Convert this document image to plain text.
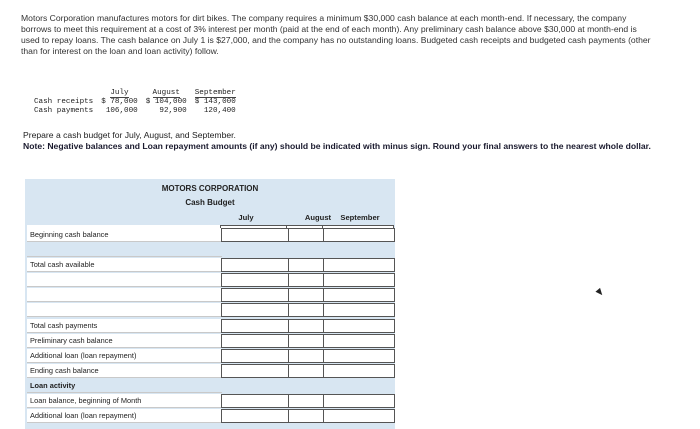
Motors Corporation manufactures motors for dirt bikes. The company requires a minimum $30,000 cash balance at each month-end. If necessary, the company borrows to meet this requirement at a cost of 3% interest per month (paid at the end of each month). Any preliminary cash balance above $30,000 at month-end is used to repay loans. The cash balance on July 1 is $27,000, and the company has no outstanding loans. Budgeted cash receipts and budgeted cash payments (other than for interest on the loan and loan activity) follow.
	July	August	September
Cash receipts	$ 78,000	$ 104,000	$ 143,000
Cash payments	106,000	92,900	120,400
Prepare a cash budget for July, August, and September.
Note: Negative balances and Loan repayment amounts (if any) should be indicated with minus sign. Round your final answers to the nearest whole dollar.
MOTORS CORPORATION
Cash Budget
July	August	September
Beginning cash balance
Total cash available
Total cash payments
Preliminary cash balance
Additional loan (loan repayment)
Ending cash balance
Loan activity
Loan balance, beginning of Month
Additional loan (loan repayment)
